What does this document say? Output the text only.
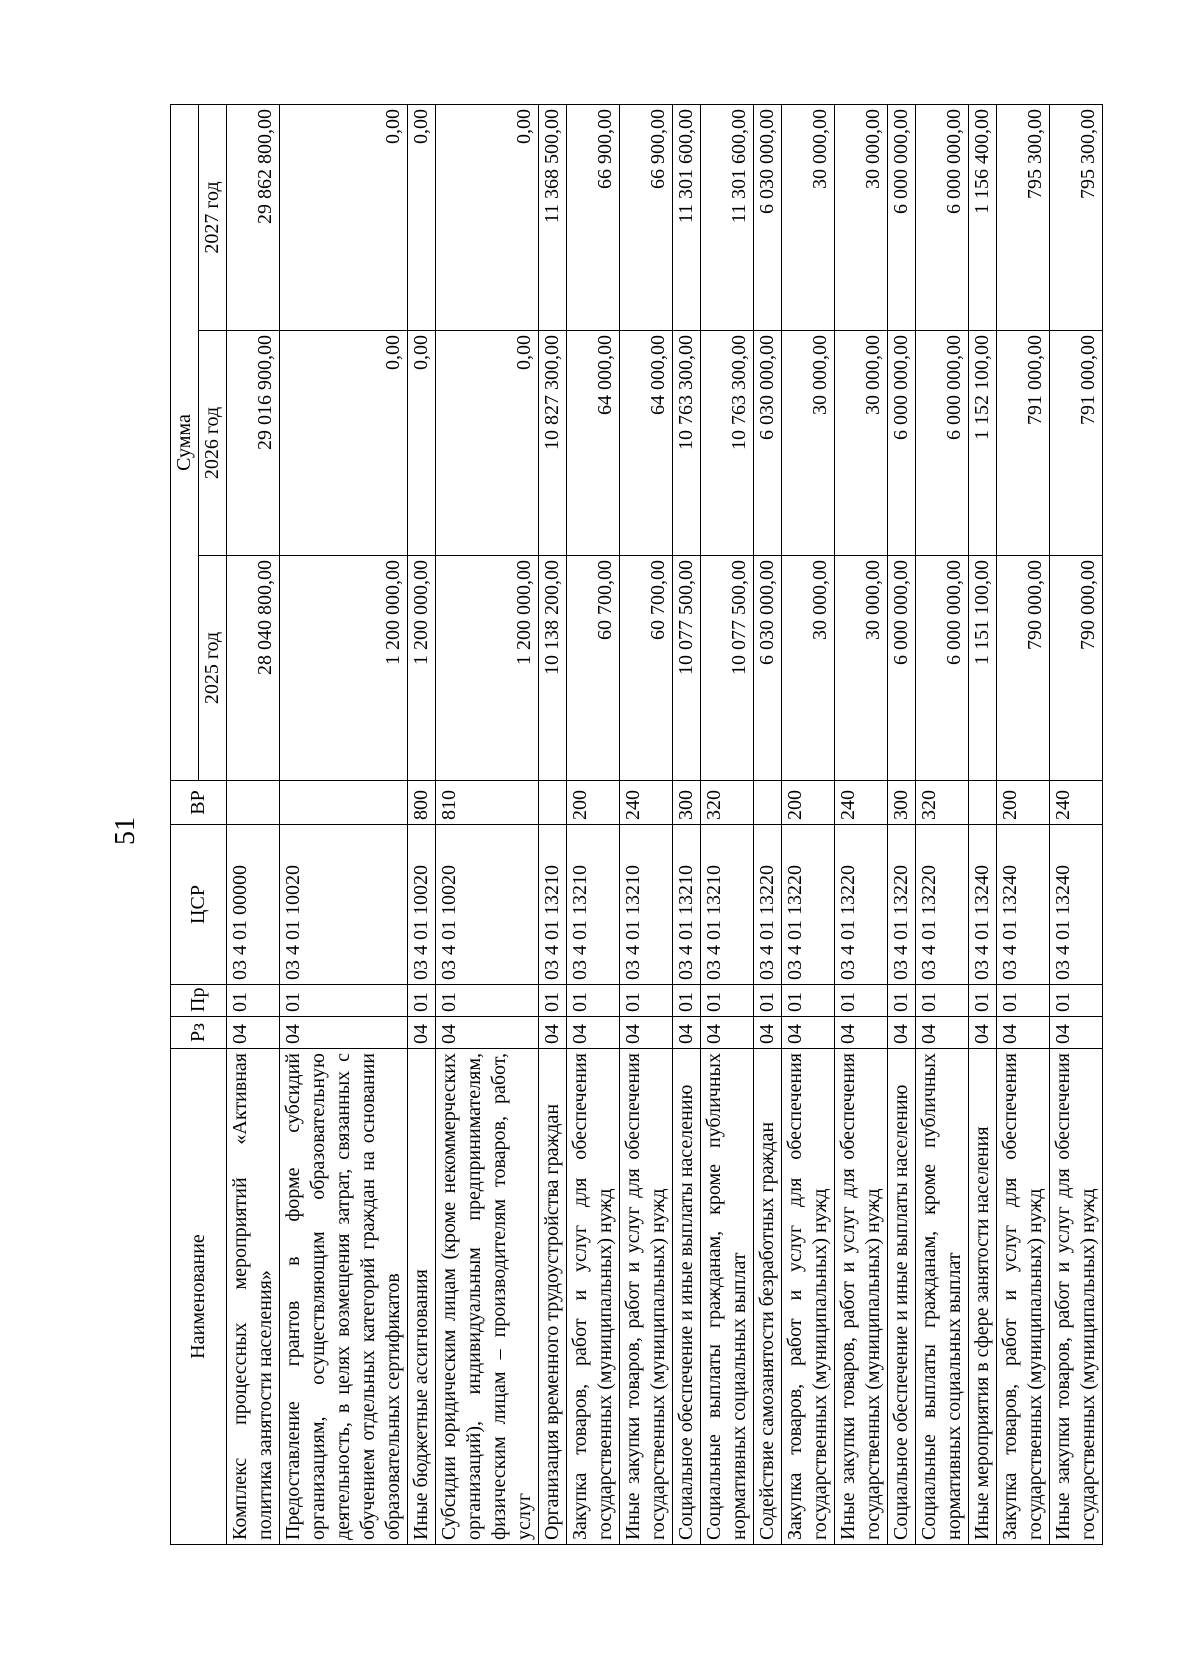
51
Наименование	Рз	Пр	ЦСР	ВР	Сумма		
					2025 год	2026 год	2027 год
Комплекс процессных мероприятий «Активная политика занятости населения»	04	01	03 4 01 00000		28 040 800,00	29 016 900,00	29 862 800,00
Предоставление грантов в форме субсидий организациям, осуществляющим образовательную деятельность, в целях возмещения затрат, связанных с обучением отдельных категорий граждан на основании образовательных сертификатов	04	01	03 4 01 10020		1 200 000,00	0,00	0,00
Иные бюджетные ассигнования	04	01	03 4 01 10020	800	1 200 000,00	0,00	0,00
Субсидии юридическим лицам (кроме некоммерческих организаций), индивидуальным предпринимателям, физическим лицам – производителям товаров, работ, услуг	04	01	03 4 01 10020	810	1 200 000,00	0,00	0,00
Организация временного трудоустройства граждан	04	01	03 4 01 13210		10 138 200,00	10 827 300,00	11 368 500,00
Закупка товаров, работ и услуг для обеспечения государственных (муниципальных) нужд	04	01	03 4 01 13210	200	60 700,00	64 000,00	66 900,00
Иные закупки товаров, работ и услуг для обеспечения государственных (муниципальных) нужд	04	01	03 4 01 13210	240	60 700,00	64 000,00	66 900,00
Социальное обеспечение и иные выплаты населению	04	01	03 4 01 13210	300	10 077 500,00	10 763 300,00	11 301 600,00
Социальные выплаты гражданам, кроме публичных нормативных социальных выплат	04	01	03 4 01 13210	320	10 077 500,00	10 763 300,00	11 301 600,00
Содействие самозанятости безработных граждан	04	01	03 4 01 13220		6 030 000,00	6 030 000,00	6 030 000,00
Закупка товаров, работ и услуг для обеспечения государственных (муниципальных) нужд	04	01	03 4 01 13220	200	30 000,00	30 000,00	30 000,00
Иные закупки товаров, работ и услуг для обеспечения государственных (муниципальных) нужд	04	01	03 4 01 13220	240	30 000,00	30 000,00	30 000,00
Социальное обеспечение и иные выплаты населению	04	01	03 4 01 13220	300	6 000 000,00	6 000 000,00	6 000 000,00
Социальные выплаты гражданам, кроме публичных нормативных социальных выплат	04	01	03 4 01 13220	320	6 000 000,00	6 000 000,00	6 000 000,00
Иные мероприятия в сфере занятости населения	04	01	03 4 01 13240		1 151 100,00	1 152 100,00	1 156 400,00
Закупка товаров, работ и услуг для обеспечения государственных (муниципальных) нужд	04	01	03 4 01 13240	200	790 000,00	791 000,00	795 300,00
Иные закупки товаров, работ и услуг для обеспечения государственных (муниципальных) нужд	04	01	03 4 01 13240	240	790 000,00	791 000,00	795 300,00
